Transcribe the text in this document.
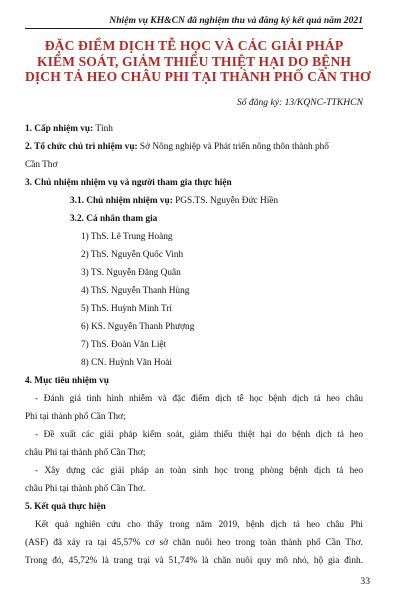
Nhiệm vụ KH&CN đã nghiệm thu và đăng ký kết quả năm 2021
ĐẶC ĐIỂM DỊCH TỄ HỌC VÀ CÁC GIẢI PHÁP
KIỂM SOÁT, GIẢM THIỂU THIỆT HẠI DO BỆNH
DỊCH TẢ HEO CHÂU PHI TẠI THÀNH PHỐ CẦN THƠ
Số đăng ký: 13/KQNC-TTKHCN
1. Cấp nhiệm vụ: Tỉnh
2. Tổ chức chủ trì nhiệm vụ: Sở Nông nghiệp và Phát triển nông thôn thành phố
Cần Thơ
3. Chủ nhiệm nhiệm vụ và người tham gia thực hiện
3.1. Chủ nhiệm nhiệm vụ: PGS.TS. Nguyễn Đức Hiền
3.2. Cá nhân tham gia
1) ThS. Lê Trung Hoàng
2) ThS. Nguyễn Quốc Vinh
3) TS. Nguyễn Đăng Quân
4) ThS. Nguyễn Thanh Hùng
5) ThS. Huỳnh Minh Trí
6) KS. Nguyễn Thanh Phượng
7) ThS. Đoàn Văn Liệt
8) CN. Huỳnh Văn Hoài
4. Mục tiêu nhiệm vụ
- Đánh giá tình hình nhiễm và đặc điểm dịch tễ học bệnh dịch tả heo châu
Phi tại thành phố Cần Thơ;
- Đề xuất các giải pháp kiểm soát, giảm thiểu thiệt hại do bệnh dịch tả heo
châu Phi tại thành phố Cần Thơ;
- Xây dựng các giải pháp an toàn sinh học trong phòng bệnh dịch tả heo
châu Phi tại thành phố Cần Thơ.
5. Kết quả thực hiện
Kết quả nghiên cứu cho thấy trong năm 2019, bệnh dịch tả heo châu Phi
(ASF) đã xảy ra tại 45,57% cơ sở chăn nuôi heo trong toàn thành phố Cần Thơ.
Trong đó, 45,72% là trang trại và 51,74% là chăn nuôi quy mô nhỏ, hộ gia đình.
33
